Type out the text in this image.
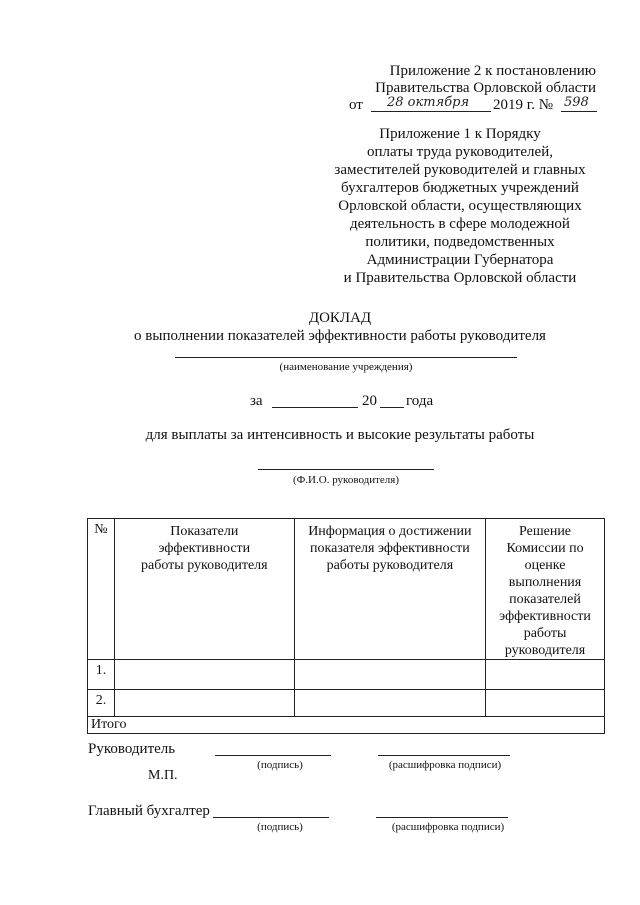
Приложение 2 к постановлению
Правительства Орловской области
от 28 октября 2019 г. № 598
Приложение 1 к Порядку
оплаты труда руководителей,
заместителей руководителей и главных
бухгалтеров бюджетных учреждений
Орловской области, осуществляющих
деятельность в сфере молодежной
политики, подведомственных
Администрации Губернатора
и Правительства Орловской области
ДОКЛАД
о выполнении показателей эффективности работы руководителя
(наименование учреждения)
за	20 года
для выплаты за интенсивность и высокие результаты работы
(Ф.И.О. руководителя)
№	Показатели эффективности работы руководителя	Информация о достижении показателя эффективности работы руководителя	Решение Комиссии по оценке выполнения показателей эффективности работы руководителя
1.			
2.			
Итого			
Руководитель
(подпись)	(расшифровка подписи)
М.П.
Главный бухгалтер
(подпись)	(расшифровка подписи)
